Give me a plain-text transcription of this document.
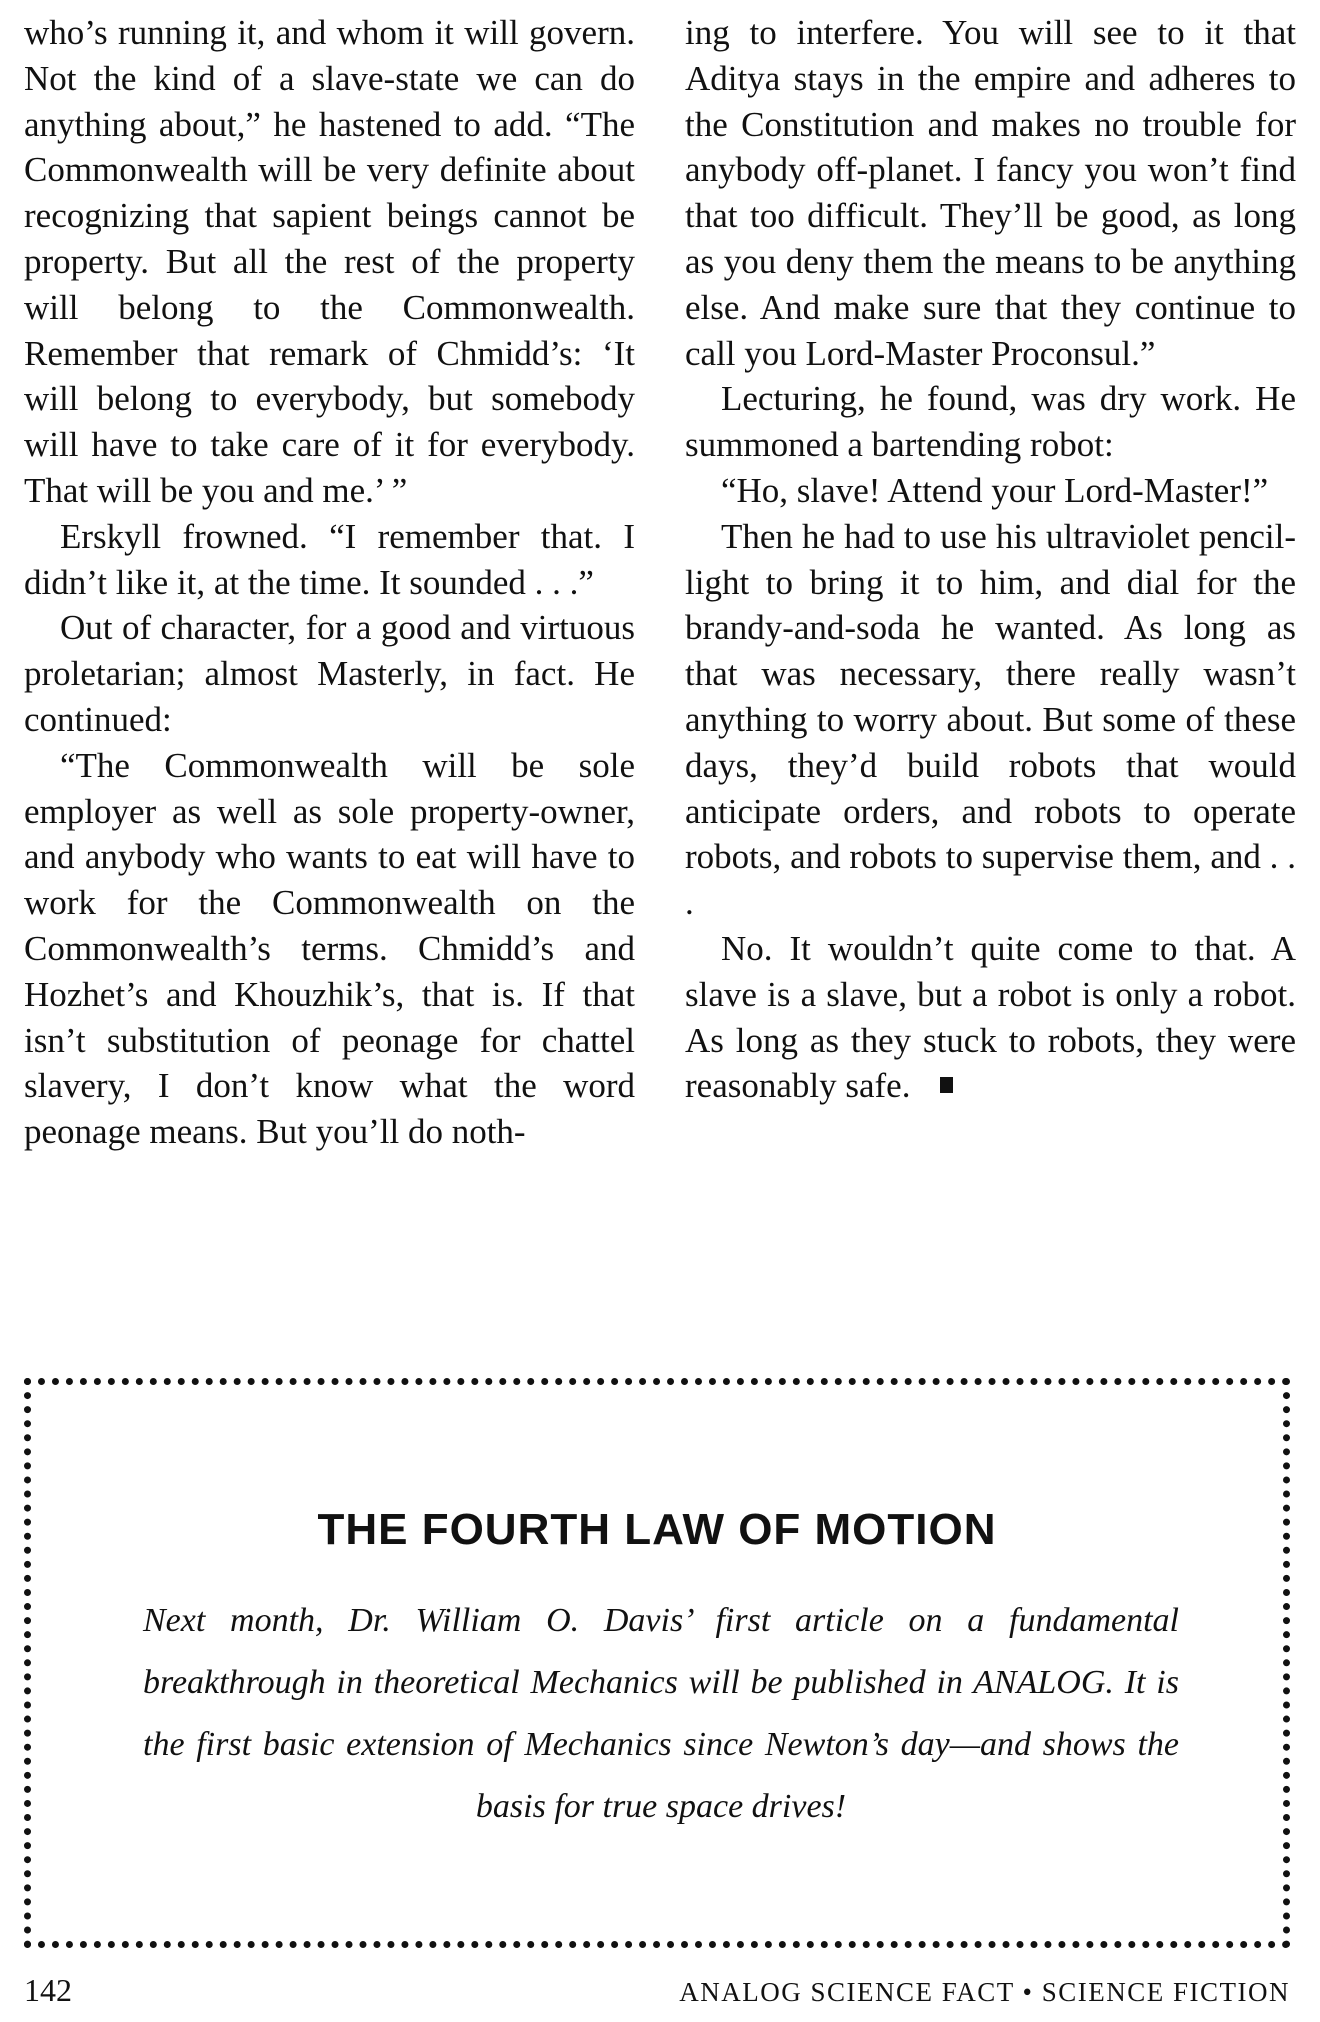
who’s running it, and whom it will govern. Not the kind of a slave-state we can do anything about,” he hastened to add. “The Commonwealth will be very definite about recognizing that sapient beings cannot be property. But all the rest of the property will belong to the Commonwealth. Remember that remark of Chmidd’s: ‘It will belong to everybody, but somebody will have to take care of it for everybody. That will be you and me.’ ”

Erskyll frowned. “I remember that. I didn’t like it, at the time. It sounded . . .”

Out of character, for a good and virtuous proletarian; almost Masterly, in fact. He continued:

“The Commonwealth will be sole employer as well as sole property-owner, and anybody who wants to eat will have to work for the Commonwealth on the Commonwealth’s terms. Chmidd’s and Hozhet’s and Khouzhik’s, that is. If that isn’t substitution of peonage for chattel slavery, I don’t know what the word peonage means. But you’ll do noth-

ing to interfere. You will see to it that Aditya stays in the empire and adheres to the Constitution and makes no trouble for anybody off-planet. I fancy you won’t find that too difficult. They’ll be good, as long as you deny them the means to be anything else. And make sure that they continue to call you Lord-Master Proconsul.”

Lecturing, he found, was dry work. He summoned a bartending robot:

“Ho, slave! Attend your Lord-Master!”

Then he had to use his ultraviolet pencil-light to bring it to him, and dial for the brandy-and-soda he wanted. As long as that was necessary, there really wasn’t anything to worry about. But some of these days, they’d build robots that would anticipate orders, and robots to operate robots, and robots to supervise them, and . . .

No. It wouldn’t quite come to that. A slave is a slave, but a robot is only a robot. As long as they stuck to robots, they were reasonably safe.

THE FOURTH LAW OF MOTION
Next month, Dr. William O. Davis’ first article on a fundamental breakthrough in theoretical Mechanics will be published in ANALOG. It is the first basic extension of Mechanics since Newton’s day—and shows the basis for true space drives!
142	ANALOG SCIENCE FACT • SCIENCE FICTION
